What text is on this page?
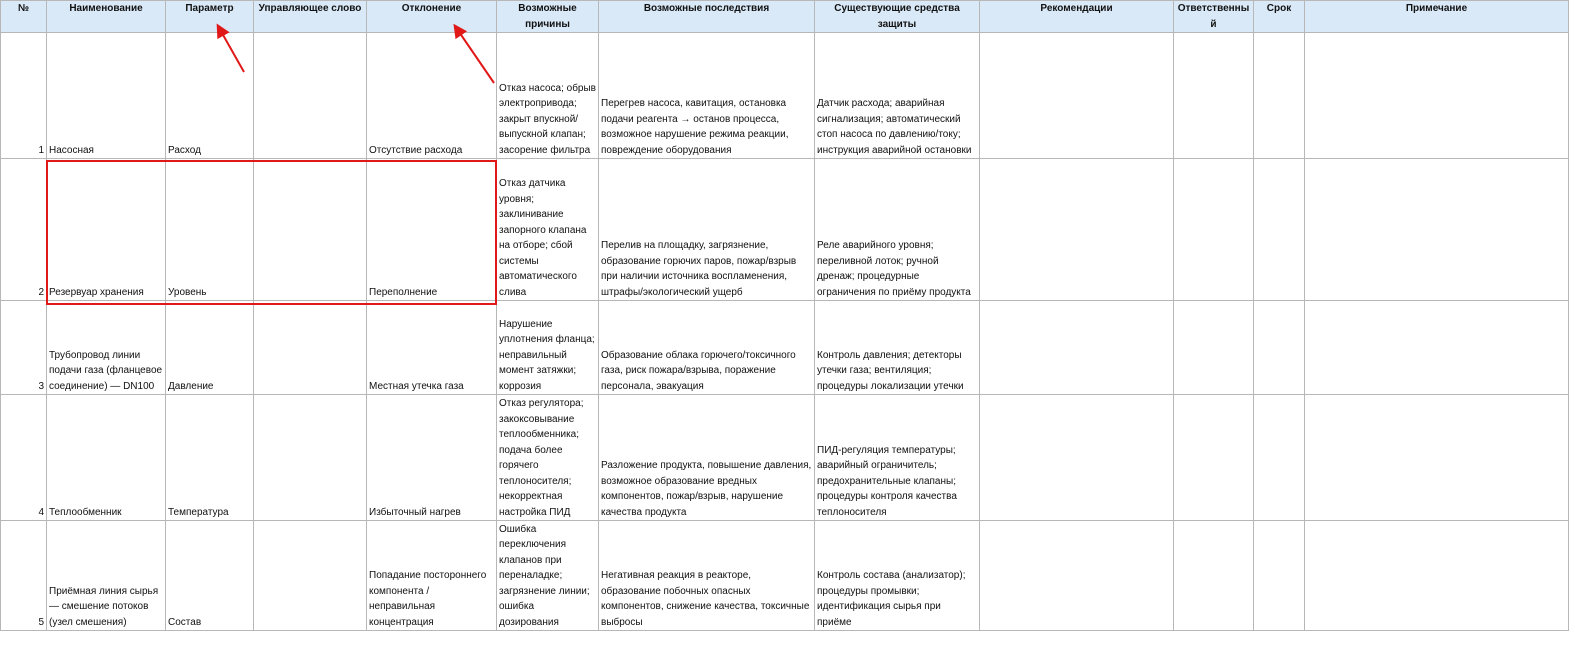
№	Наименование	Параметр	Управляющее слово	Отклонение	Возможные причины	Возможные последствия	Существующие средства защиты	Рекомендации	Ответственный	Срок	Примечание
1	Насосная	Расход		Отсутствие расхода	Отказ насоса; обрыв электропривода; закрыт впускной/выпускной клапан; засорение фильтра	Перегрев насоса, кавитация, остановка подачи реагента → останов процесса, возможное нарушение режима реакции, повреждение оборудования	Датчик расхода; аварийная сигнализация; автоматический стоп насоса по давлению/току; инструкция аварийной остановки				
2	Резервуар хранения	Уровень		Переполнение	Отказ датчика уровня; заклинивание запорного клапана на отборе; сбой системы автоматического слива	Перелив на площадку, загрязнение, образование горючих паров, пожар/взрыв при наличии источника воспламенения, штрафы/экологический ущерб	Реле аварийного уровня; переливной лоток; ручной дренаж; процедурные ограничения по приёму продукта				
3	Трубопровод линии подачи газа (фланцевое соединение) — DN100	Давление		Местная утечка газа	Нарушение уплотнения фланца; неправильный момент затяжки; коррозия	Образование облака горючего/токсичного газа, риск пожара/взрыва, поражение персонала, эвакуация	Контроль давления; детекторы утечки газа; вентиляция; процедуры локализации утечки				
4	Теплообменник	Температура		Избыточный нагрев	Отказ регулятора; закоксовывание теплообменника; подача более горячего теплоносителя; некорректная настройка ПИД	Разложение продукта, повышение давления, возможное образование вредных компонентов, пожар/взрыв, нарушение качества продукта	ПИД-регуляция температуры; аварийный ограничитель; предохранительные клапаны; процедуры контроля качества теплоносителя				
5	Приёмная линия сырья — смешение потоков (узел смешения)	Состав		Попадание постороннего компонента / неправильная концентрация	Ошибка переключения клапанов при переналадке; загрязнение линии; ошибка дозирования	Негативная реакция в реакторе, образование побочных опасных компонентов, снижение качества, токсичные выбросы	Контроль состава (анализатор); процедуры промывки; идентификация сырья при приёме				
